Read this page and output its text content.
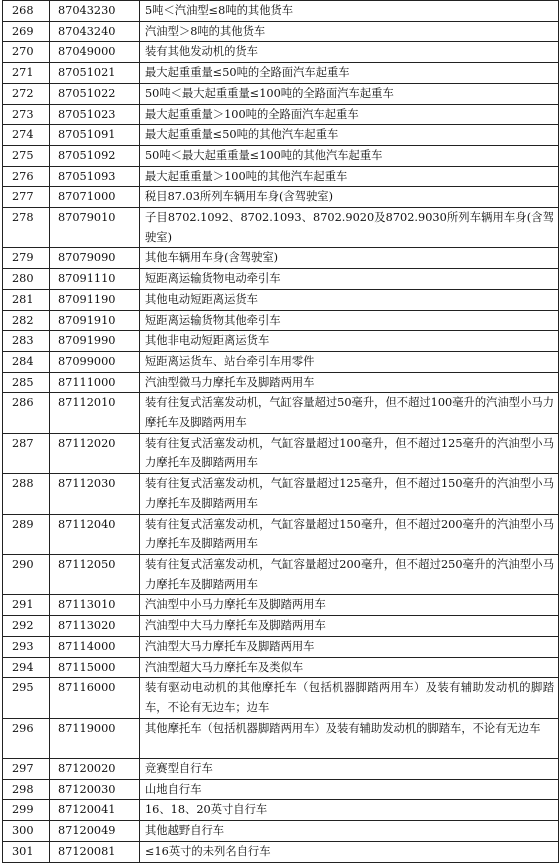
268	87043230	5吨＜汽油型≤8吨的其他货车
269	87043240	汽油型＞8吨的其他货车
270	87049000	装有其他发动机的货车
271	87051021	最大起重重量≤50吨的全路面汽车起重车
272	87051022	50吨＜最大起重重量≤100吨的全路面汽车起重车
273	87051023	最大起重重量＞100吨的全路面汽车起重车
274	87051091	最大起重重量≤50吨的其他汽车起重车
275	87051092	50吨＜最大起重重量≤100吨的其他汽车起重车
276	87051093	最大起重重量＞100吨的其他汽车起重车
277	87071000	税目87.03所列车辆用车身(含驾驶室)
278	87079010	子目8702.1092、8702.1093、8702.9020及8702.9030所列车辆用车身(含驾驶室)
279	87079090	其他车辆用车身(含驾驶室)
280	87091110	短距离运输货物电动牵引车
281	87091190	其他电动短距离运货车
282	87091910	短距离运输货物其他牵引车
283	87091990	其他非电动短距离运货车
284	87099000	短距离运货车、站台牵引车用零件
285	87111000	汽油型微马力摩托车及脚踏两用车
286	87112010	装有往复式活塞发动机，气缸容量超过50毫升，但不超过100毫升的汽油型小马力摩托车及脚踏两用车
287	87112020	装有往复式活塞发动机，气缸容量超过100毫升，但不超过125毫升的汽油型小马力摩托车及脚踏两用车
288	87112030	装有往复式活塞发动机，气缸容量超过125毫升，但不超过150毫升的汽油型小马力摩托车及脚踏两用车
289	87112040	装有往复式活塞发动机，气缸容量超过150毫升，但不超过200毫升的汽油型小马力摩托车及脚踏两用车
290	87112050	装有往复式活塞发动机，气缸容量超过200毫升，但不超过250毫升的汽油型小马力摩托车及脚踏两用车
291	87113010	汽油型中小马力摩托车及脚踏两用车
292	87113020	汽油型中大马力摩托车及脚踏两用车
293	87114000	汽油型大马力摩托车及脚踏两用车
294	87115000	汽油型超大马力摩托车及类似车
295	87116000	装有驱动电动机的其他摩托车（包括机器脚踏两用车）及装有辅助发动机的脚踏车，不论有无边车；边车
296	87119000	其他摩托车（包括机器脚踏两用车）及装有辅助发动机的脚踏车，不论有无边车
297	87120020	竞赛型自行车
298	87120030	山地自行车
299	87120041	16、18、20英寸自行车
300	87120049	其他越野自行车
301	87120081	≤16英寸的未列名自行车
